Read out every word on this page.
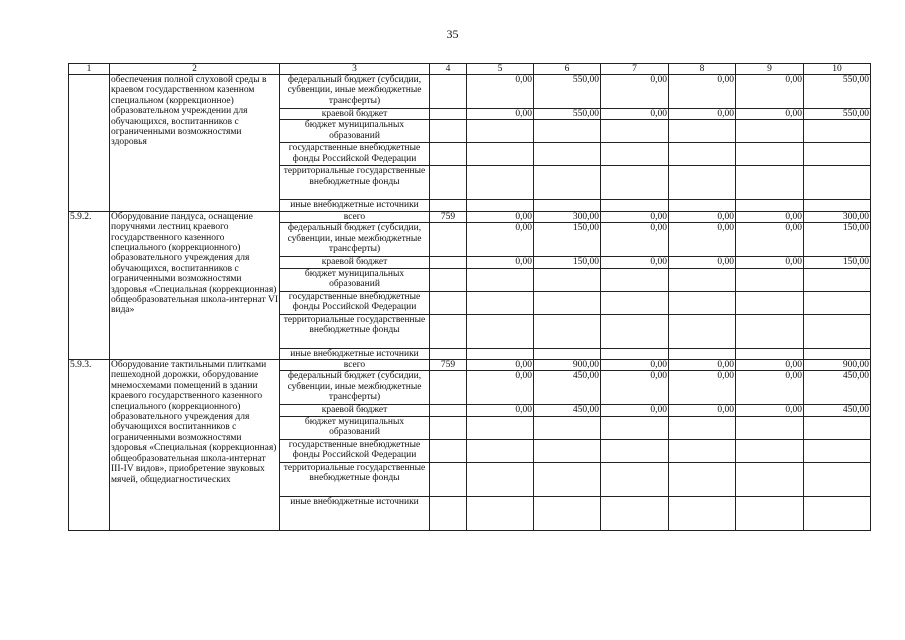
35
1	2	3	4	5	6	7	8	9	10
	обеспечения полной слуховой среды в краевом государственном казенном специальном (коррекционное) образовательном учреждении для обучающихся, воспитанников с ограниченными возможностями здоровья	федеральный бюджет (субсидии, субвенции, иные межбюджетные трансферты)		0,00	550,00	0,00	0,00	0,00	550,00
		краевой бюджет		0,00	550,00	0,00	0,00	0,00	550,00
		бюджет муниципальных образований							
		государственные внебюджетные фонды Российской Федерации							
		территориальные государственные внебюджетные фонды							
		иные внебюджетные источники							
5.9.2.	Оборудование пандуса, оснащение поручнями лестниц краевого государственного казенного специального (коррекционного) образовательного учреждения для обучающихся, воспитанников с ограниченными возможностями здоровья «Специальная (коррекционная) общеобразовательная школа-интернат VI вида»	всего	759	0,00	300,00	0,00	0,00	0,00	300,00
		федеральный бюджет (субсидии, субвенции, иные межбюджетные трансферты)		0,00	150,00	0,00	0,00	0,00	150,00
		краевой бюджет		0,00	150,00	0,00	0,00	0,00	150,00
		бюджет муниципальных образований							
		государственные внебюджетные фонды Российской Федерации							
		территориальные государственные внебюджетные фонды							
		иные внебюджетные источники							
5.9.3.	Оборудование тактильными плитками пешеходной дорожки, оборудование мнемосхемами помещений в здании краевого государственного казенного специального (коррекционного) образовательного учреждения для обучающихся воспитанников с ограниченными возможностями здоровья «Специальная (коррекционная) общеобразовательная школа-интернат III-IV видов», приобретение звуковых мячей, общедиагностических	всего	759	0,00	900,00	0,00	0,00	0,00	900,00
		федеральный бюджет (субсидии, субвенции, иные межбюджетные трансферты)		0,00	450,00	0,00	0,00	0,00	450,00
		краевой бюджет		0,00	450,00	0,00	0,00	0,00	450,00
		бюджет муниципальных образований							
		государственные внебюджетные фонды Российской Федерации							
		территориальные государственные внебюджетные фонды							
		иные внебюджетные источники							
